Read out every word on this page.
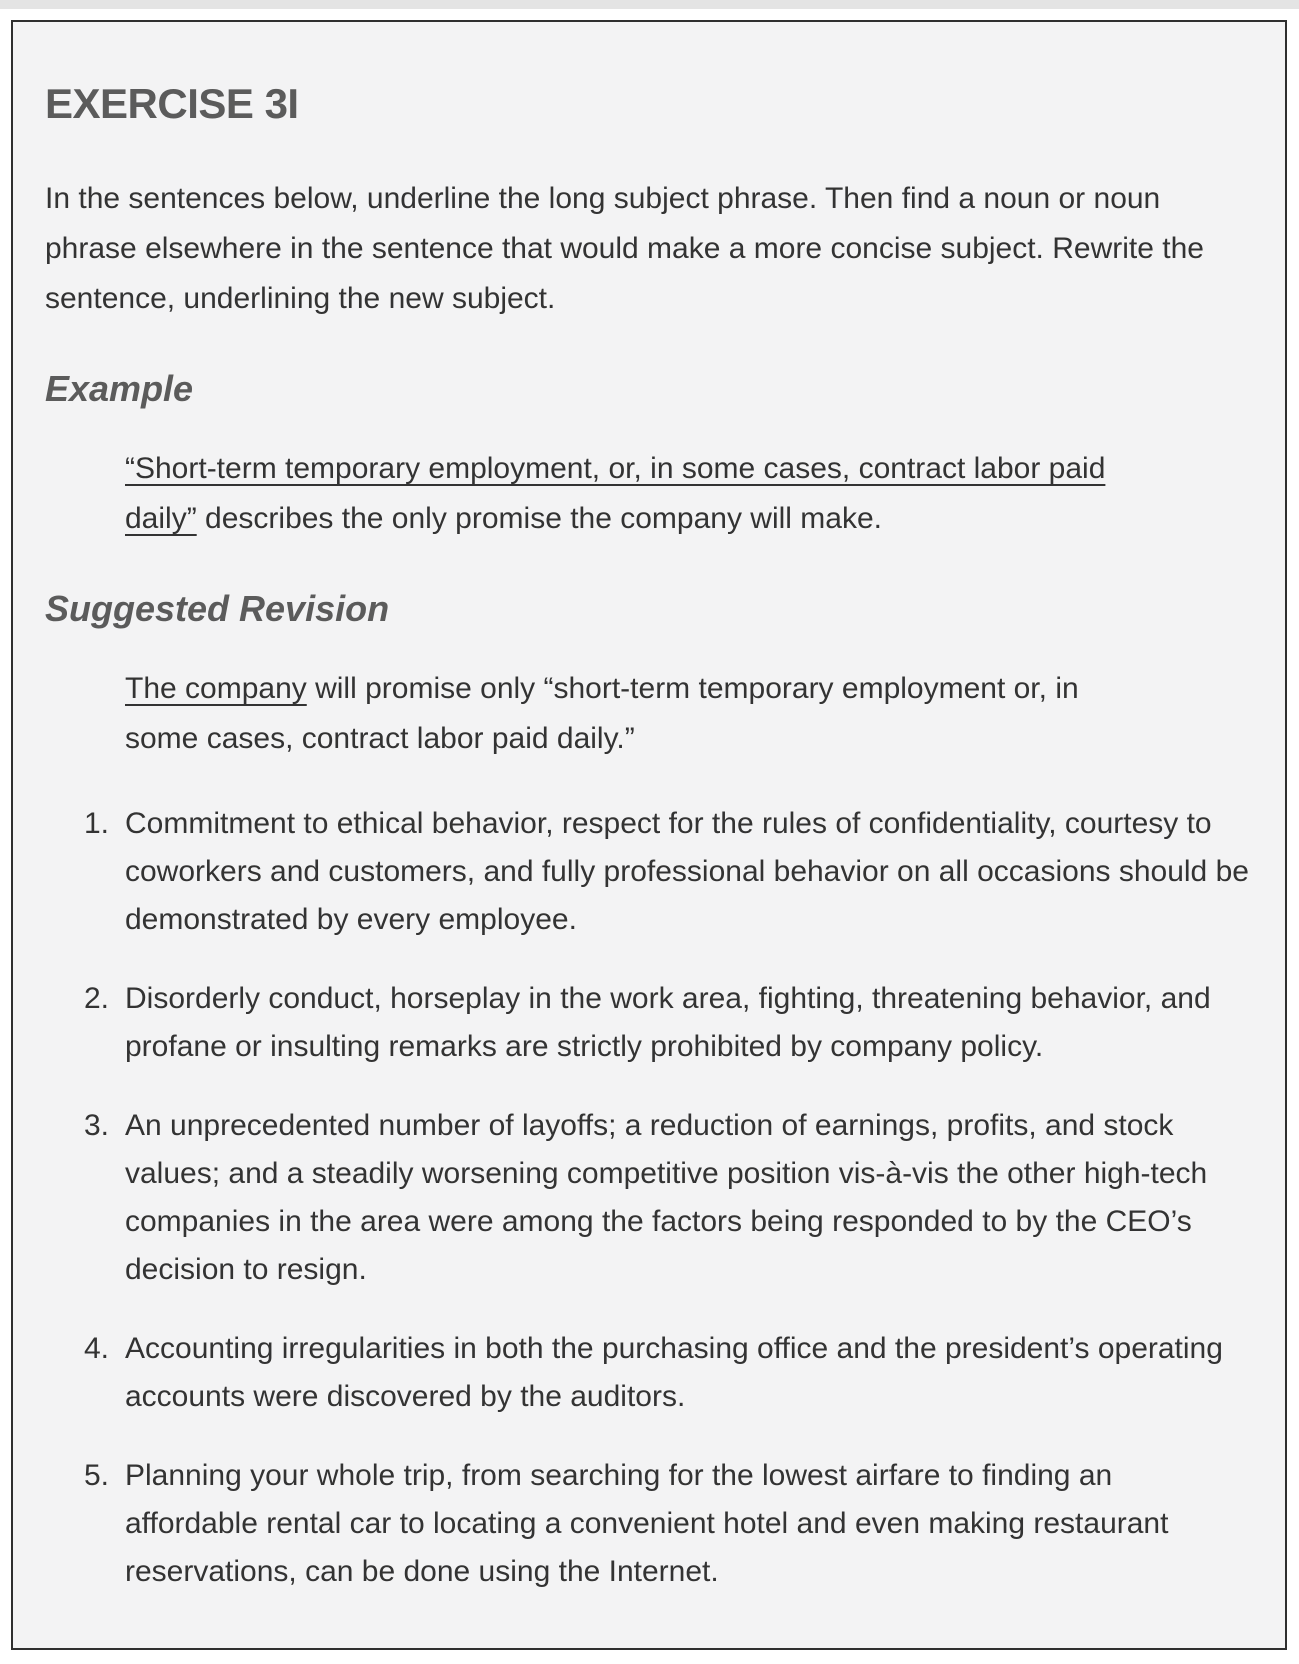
EXERCISE 3I

In the sentences below, underline the long subject phrase. Then find a noun or noun phrase elsewhere in the sentence that would make a more concise subject. Rewrite the sentence, underlining the new subject.

Example

“Short-term temporary employment, or, in some cases, contract labor paid daily” describes the only promise the company will make.

Suggested Revision

The company will promise only “short-term temporary employment or, in some cases, contract labor paid daily.”

1. Commitment to ethical behavior, respect for the rules of confidentiality, courtesy to coworkers and customers, and fully professional behavior on all occasions should be demonstrated by every employee.
2. Disorderly conduct, horseplay in the work area, fighting, threatening behavior, and profane or insulting remarks are strictly prohibited by company policy.
3. An unprecedented number of layoffs; a reduction of earnings, profits, and stock values; and a steadily worsening competitive position vis-à-vis the other high-tech companies in the area were among the factors being responded to by the CEO’s decision to resign.
4. Accounting irregularities in both the purchasing office and the president’s operating accounts were discovered by the auditors.
5. Planning your whole trip, from searching for the lowest airfare to finding an affordable rental car to locating a convenient hotel and even making restaurant reservations, can be done using the Internet.
